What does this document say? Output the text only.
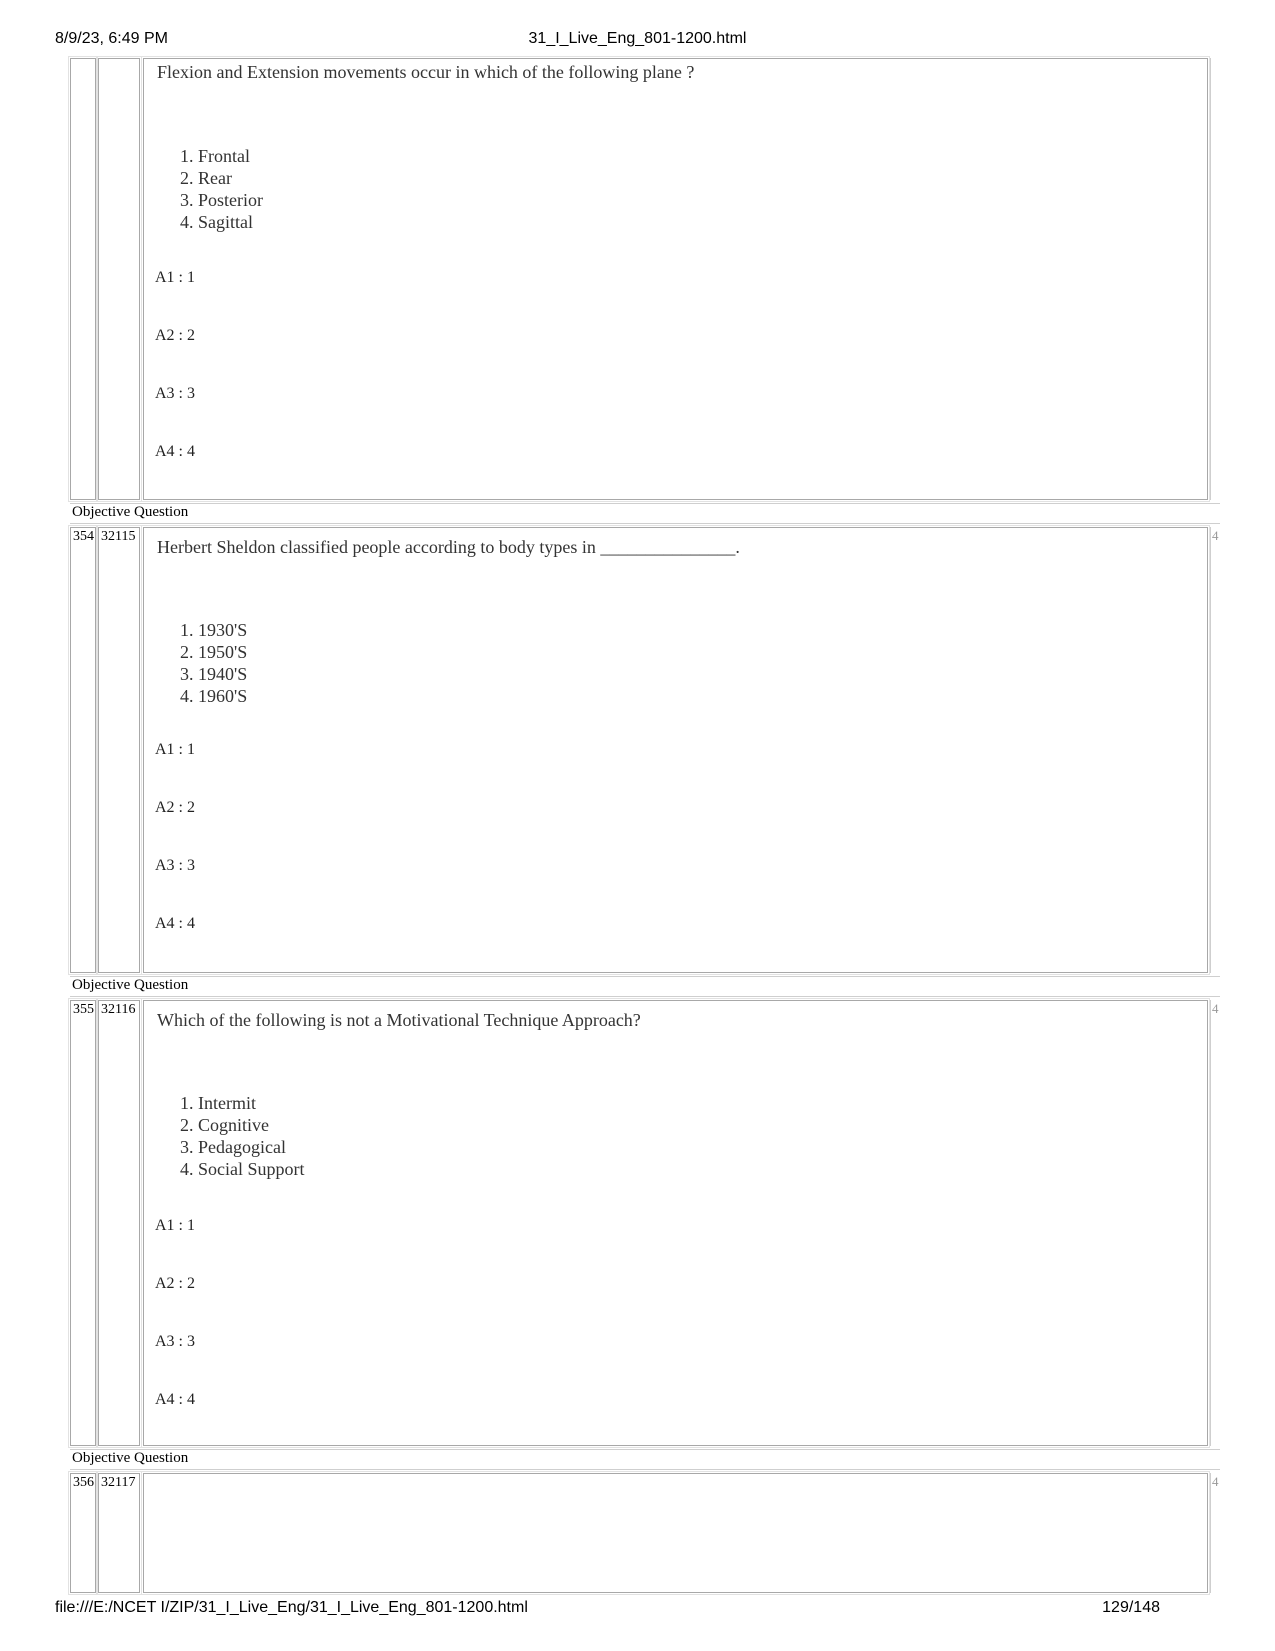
8/9/23, 6:49 PM	31_I_Live_Eng_801-1200.html
Flexion and Extension movements occur in which of the following plane ?
1. Frontal
2. Rear
3. Posterior
4. Sagittal
A1 : 1
A2 : 2
A3 : 3
A4 : 4
Objective Question
354 32115	4
Herbert Sheldon classified people according to body types in _______________.
1. 1930'S
2. 1950'S
3. 1940'S
4. 1960'S
A1 : 1
A2 : 2
A3 : 3
A4 : 4
Objective Question
355 32116	4
Which of the following is not a Motivational Technique Approach?
1. Intermit
2. Cognitive
3. Pedagogical
4. Social Support
A1 : 1
A2 : 2
A3 : 3
A4 : 4
Objective Question
356 32117	4
file:///E:/NCET I/ZIP/31_I_Live_Eng/31_I_Live_Eng_801-1200.html	129/148
